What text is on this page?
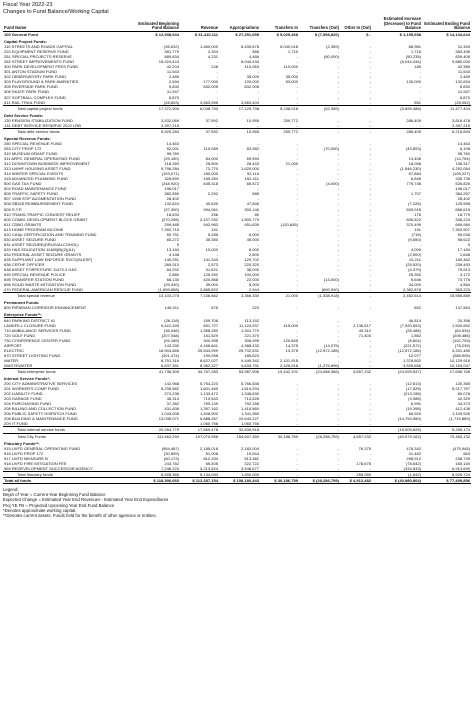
Fiscal Year 2022-23
Changes to Fund Balance/Working Capital
Fund Name	Estimated Beginning Fund Balance	Revenue	Appropriations	Transfers In	Transfers (Out)	Other In (Out)	Estimated Increase (Decrease) to Fund Balance	Estimated Ending Fund Balance
100 General Fund	$ 12,938,944	$ 31,410,111	$ 27,251,055	$ 5,025,468	$ (7,998,826)	$ -	$ 1,195,698	$ 14,134,644
Capital Project Funds:								
110 STREETS AND ROADS CAPITAL	(35,632)	1,469,000	6,439,678	5,040,018	(2,359)	-	66,981	31,349
220 EQUIPMENT RESERVE FUND	381,779	2,304	588	1,710	-	-	1,716	383,495
251 SPECIAL PROJECTS RESERVE	889,834	4,231	4,466	-	(50,000)	-	(50,235)	839,409
252 STREET IMPROVEMENTS FUND	15,924,424	-	6,044,434	-	-	-	(6,044,434)	9,880,000
300 PARK DEVELOPMENT FEES FUND	42,204	248	110,063	110,000	-	-	185	42,389
301 ANTON STADIUM FUND	11,543	-	-	-	-	-	-	11,543
302 OBSERVATORY PARK FUND	2,489	-	35,000	35,000	-	-	-	2,489
303 PLAYGROUND & PARK AMENITIES	2,694	177,000	100,000	53,000	-	-	130,000	132,694
305 RIVERSIDE PARK FUND	5,830	832,005	832,005	-	-	-	-	5,830
306 SKATE PARK FUND	11,947	-	-	-	-	-	-	11,947
307 SOFTBALL COMPLEX FUND	6,870	-	-	-	-	-	-	6,870
311 RAIL TRAIL FUND	(28,603)	3,563,955	3,563,404	-	-	-	551	(28,052)
Total capital project funds	17,372,900	6,048,753	17,129,798	5,238,018	(52,359)	-	(5,895,386)	11,477,404
Debt Service Funds:								
130 PENSION STABILIZATION FUND	3,532,069	37,592	10,955	259,772	-	-	286,409	3,818,478
131 DEBT SERVICE RESERVE 2022 LRB	2,397,215	-	-	-	-	-	-	2,397,215
Total debt service funds	5,929,284	37,592	10,955	259,772	-	-	286,409	6,215,693
Special Revenue Funds:								
250 SPECIAL REVENUE FUND	14,463	-	-	-	-	-	-	14,463
253 CITY PROP 172	52,001	110,089	83,982	-	(70,000)	-	(43,893)	8,108
310 MUSEUM GRANT FUND	95,760	-	-	-	-	-	-	95,760
311 ARPC GENERAL OPERATING FUND	(29,160)	84,000	69,594	-	-	-	14,406	(14,754)
312 DOWNTOWN BUSINESS IMPROVEMENT	118,260	25,500	28,443	21,000	-	-	18,058	136,317
313 LMIHF HOUSING ASSET FUND	5,798,284	73,770	1,620,000	-	-	-	(1,546,230)	4,252,054
314 WINTER SPECIAL EVENTS	(193,071)	180,000	92,116	-	-	-	87,884	(105,227)
315 ADVANCED PLANNING FUND	328,890	159,254	152,411	-	-	-	6,845	335,735
500 GAS TAX FUND	(248,920)	845,318	65,572	-	(4,000)	-	775,746	526,826
502 ROAD MAINTENANCE FUND	196,017	-	-	-	-	-	-	196,017
505 TRAFFIC SAFETY FUND	382,550	2,292	585	-	-	-	1,707	384,257
507 1998 STIP AUGMENTATION FUND	28,402	-	-	-	-	-	-	28,402
508 SB325 REIMBURSEMENT FUND	132,824	40,620	47,846	-	-	-	(7,226)	125,598
509 S.T.P.	(37,300)	994,061	300,146	-	-	-	693,915	656,615
510 TRANS-TRAFFIC CONGEST RELIEF	18,633	256	80	-	-	-	176	18,779
600 COMM. DEVELOPMENT BLOCK GRANT	(270,298)	2,107,292	1,500,770	-	-	-	606,522	336,224
611 CDBG GRANTS	299,485	942,983	451,639	(120,845)	-	-	370,499	669,984
613 HOME PROGRAM INCOME	7,392,716	191	-	-	-	-	191	7,392,907
620 CASp CERTIFICATION AND TRAINING FUND	50,751	5,285	6,000	-	-	-	(715)	50,036
630 ASSET SEIZURE FUND	65,272	35,350	45,000	-	-	-	(9,650)	55,622
631 ASSET SEIZURE(DRUG/ALCOHOL)	9	-	-	-	-	-	-	9
633 H&S EDUCATION 11489(B)(2)(A1)	13,184	10,000	6,000	-	-	-	4,000	17,184
634 FEDERAL ASSET SEIZURE GRANTS	4,148	-	2,500	-	-	-	(2,500)	1,648
635 SUPPLMNT LAW ENFORCE SVCS(SLESF)	149,251	141,343	129,702	-	-	-	10,211	159,462
636 CRTHF OFFICER	265,013	2,573	220,320	-	-	-	(25,520)	239,493
638 ASSET FORFEITURE 11470.2 H&S	84,292	31,621	36,000	-	-	-	(4,379)	79,913
639 SPECIAL REVENUE POLICE	2,880	125,392	100,000	-	-	-	25,392	3,172
695 TRANSFER STATION FUND	68,130	420,868	22,000	-	(13,000)	-	5,646	73,776
696 SOLID WASTE MITIGATION FUND	(29,440)	39,000	5,000	-	-	-	34,000	4,560
470 FEDERAL AMERICAN RESCUE FUND	(1,899,658)	2,865,822	2,944	-	(600,000)	-	2,362,878	363,220
Total special revenue	13,103,275	7,136,862	3,366,330	21,000	(1,338,918)	-	2,452,614	15,555,889
Permanent Funds:								
800 RIPARIAN CORRIDOR ENHANCEMENT	146,911	875	223	-	-	-	652	147,563
Enterprise Funds**:								
640 PARKING DISTRICT #1	(26,118)	159,706	113,192	-	-	-	46,514	20,396
LANDFILL CLOSURE FUND	9,421,345	651,727	11,123,937	415,000	-	2,136,517	(7,920,693)	1,500,652
710 AMBULANCE SERVICES FUND	(36,046)	1,358,280	1,301,770	-	-	49,312	(28,488)	(64,534)
720 GOLF FUND	(207,048)	151,529	221,370	-	-	71,403	1,562	(205,486)
730 CONFERENCE CENTER FUND	(94,189)	300,395	308,999	120,845	-	-	(8,604)	(102,793)
AIRPORT	143,330	4,166,841	4,388,433	14,375	(14,375)	-	(221,572)	(78,239)
ELECTRIC	16,903,665	25,543,999	25,702,531	14,375	(12,572,185)	-	(12,572,185)	4,331,480
670 STREET LIGHTING FUND	(301,474)	190,998	185,623	-	-	-	12,077	(288,905)
WATER	8,751,316	8,627,027	9,449,342	2,101,915	-	-	1,378,602	10,129,918
WASTEWATER	6,637,391	8,362,327	4,633,791	2,426,916	(1,276,896)	-	3,525,656	10,163,047
Total enterprise funds	41,736,309	44,767,283	53,987,906	19,442,101	(24,088,366)	4,657,232	(24,099,547)	17,696,765
Internal Service Funds*:								
200 CITY ADMINISTRATIVE SERVICES	142,968	5,754,223	5,766,836	-	-	-	(12,613)	130,355
201 WORKER'S COMP FUND	5,235,582	1,601,469	1,619,294	-	-	-	(17,825)	5,217,757
202 LIABILITY FUND	273,236	1,133,472	1,346,630	-	-	-	(213,158)	60,078
203 GARAGE FUND	46,314	710,543	714,528	-	-	-	(3,985)	42,329
204 PURCHASING FUND	37,382	799,149	792,158	-	-	-	6,991	44,373
205 BILLING AND COLLECTION FUND	431,836	1,397,162	1,416,560	-	-	-	(19,398)	412,438
206 PUBLIC SAFETY DISPATCH FUND	1,043,006	1,408,900	1,341,980	-	-	-	66,920	1,109,926
208 BUILDING & MAINTENANCE FUND	13,035,071	5,888,267	20,643,227	-	-	-	(14,754,960)	(1,719,889)
209 IT FUND	-	1,060,756	1,060,756	-	-	-	-	-
Total internal service funds	20,264,779	17,669,478	32,839,918	-	-	-	(15,009,625)	5,255,174
Total City Funds	111,462,294	107,070,956	154,607,350	30,186,759	(28,286,759)	4,657,232	(40,979,162)	70,483,132
Fiduciary Funds**:								
915 UVFD GENERAL OPERATING FUND	(954,487)	2,185,018	2,183,004	-	-	76,375	478,342	(475,945)
916 UVFD PROP 172	(30,599)	51,006	19,544	-	-	-	31,462	863
917 UVFD MEASURE B	(60,173)	812,294	513,382	-	-	-	298,912	238,739
918 UVFD FIRE MITIGATION FEE	243,782	65,405	322,722	-	-	178,675	(78,642)	165,140
969 REDEVELOPMENT SUCCESSOR AGENCY	7,246,223	3,213,524	3,546,677	-	-	-	(334,533)	6,913,690
Total fiduciary funds	6,928,366	5,134,094	1,900,000	-	-	255,050	(1,642)	6,926,724
Total all funds	$ 118,390,660	$ 112,287,154	$ 158,180,443	$ 30,186,759	$ (28,286,759)	$ 4,912,482	$ (40,980,804)	$ 77,409,856
Legend:
Begin of Year = Current Year Beginning Fund Balance
Expected Change = Estimated Year End Revenues - Estimated Year End Expenditures
Proj YE FB = Projected Upcoming Year End Fund Balance
*Denotes approximate working capital.
**Denotes current assets. Funds held for the benefit of other agencies or entities.
